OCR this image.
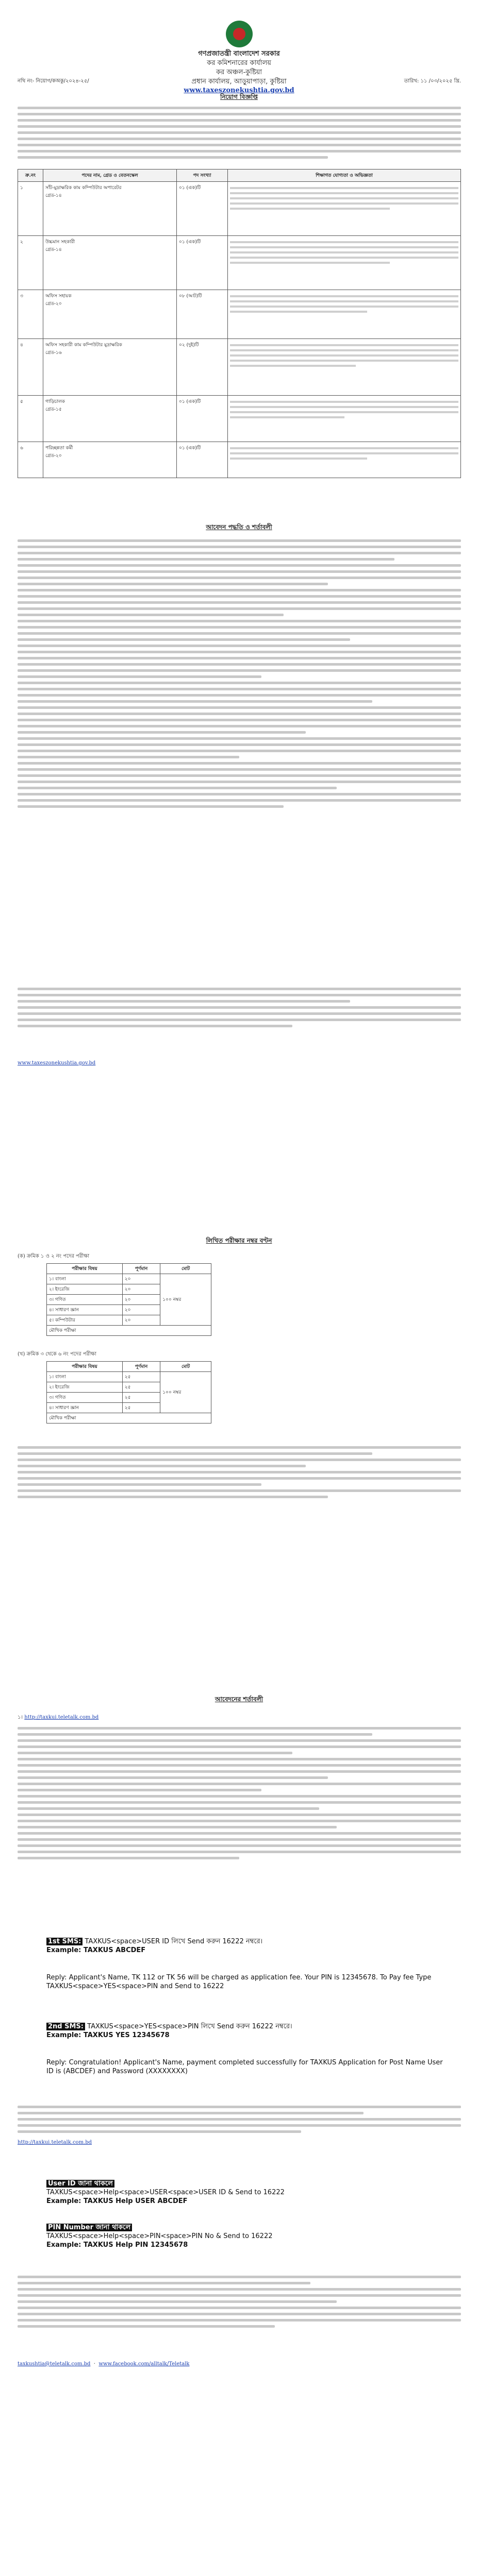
গণপ্রজাতন্ত্রী বাংলাদেশ সরকার
কর কমিশনারের কার্যালয়
কর অঞ্চল-কুষ্টিয়া
প্রধান কার্যালয়, আড়ুয়াপাড়া, কুষ্টিয়া
www.taxeszonekushtia.gov.bd
নথি নং- নিয়োগ/কঅকু/২০২৪-২৫/	তারিখ: ১১ /০৩/২০২৫ খ্রি.
নিয়োগ বিজ্ঞপ্তি
ক্র.নং	পদের নাম, গ্রেড ও বেতনস্কেল	পদ সংখ্যা	শিক্ষাগত যোগ্যতা ও অভিজ্ঞতা
১	সাঁট-মুদ্রাক্ষরিক কাম কম্পিউটার অপারেটর
গ্রেড-১৪	০১ (এক)টি	

২	উচ্চমান সহকারী
গ্রেড-১৪	০১ (এক)টি	

৩	অফিস সহায়ক
গ্রেড-২০	০৮ (আট)টি	

৪	অফিস সহকারী কাম কম্পিউটার মুদ্রাক্ষরিক
গ্রেড-১৬	০২ (দুই)টি	

৫	গাড়িচালক
গ্রেড-১৫	০১ (এক)টি	

৬	পরিচ্ছন্নতা কর্মী
গ্রেড-২০	০১ (এক)টি	
আবেদন পদ্ধতি ও শর্তাবলী
www.taxeszonekushtia.gov.bd
লিখিত পরীক্ষার নম্বর বণ্টন
(ক) ক্রমিক ১ ও ২ নং পদের পরীক্ষা
পরীক্ষার বিষয়	পূর্ণমান	মোট
১। বাংলা	২০	১০০ নম্বর
২। ইংরেজি	২০	
৩। গণিত	২০	
৪। সাধারণ জ্ঞান	২০	
৫। কম্পিউটার	২০	
মৌখিক পরীক্ষা		
(খ) ক্রমিক ৩ থেকে ৬ নং পদের পরীক্ষা
পরীক্ষার বিষয়	পূর্ণমান	মোট
১। বাংলা	২৫	১০০ নম্বর
২। ইংরেজি	২৫	
৩। গণিত	২৫	
৪। সাধারণ জ্ঞান	২৫	
মৌখিক পরীক্ষা		
আবেদনের শর্তাবলী
১। http://taxkui.teletalk.com.bd
1st SMS: TAXKUS<space>USER ID লিখে Send করুন 16222 নম্বরে।
Example: TAXKUS ABCDEF
Reply: Applicant's Name, TK 112 or TK 56 will be charged as application fee. Your PIN is 12345678. To Pay fee Type TAXKUS<space>YES<space>PIN and Send to 16222
2nd SMS: TAXKUS<space>YES<space>PIN লিখে Send করুন 16222 নম্বরে।
Example: TAXKUS YES 12345678
Reply: Congratulation! Applicant's Name, payment completed successfully for TAXKUS Application for Post Name User ID is (ABCDEF) and Password (XXXXXXXX)
http://taxkui.teletalk.com.bd
User ID জানা থাকলে
TAXKUS<space>Help<space>USER<space>USER ID & Send to 16222
Example: TAXKUS Help USER ABCDEF
PIN Number জানা থাকলে
TAXKUS<space>Help<space>PIN<space>PIN No & Send to 16222
Example: TAXKUS Help PIN 12345678
taxkushtia@teletalk.com.bd  ·  www.facebook.com/alltalk/Teletalk
